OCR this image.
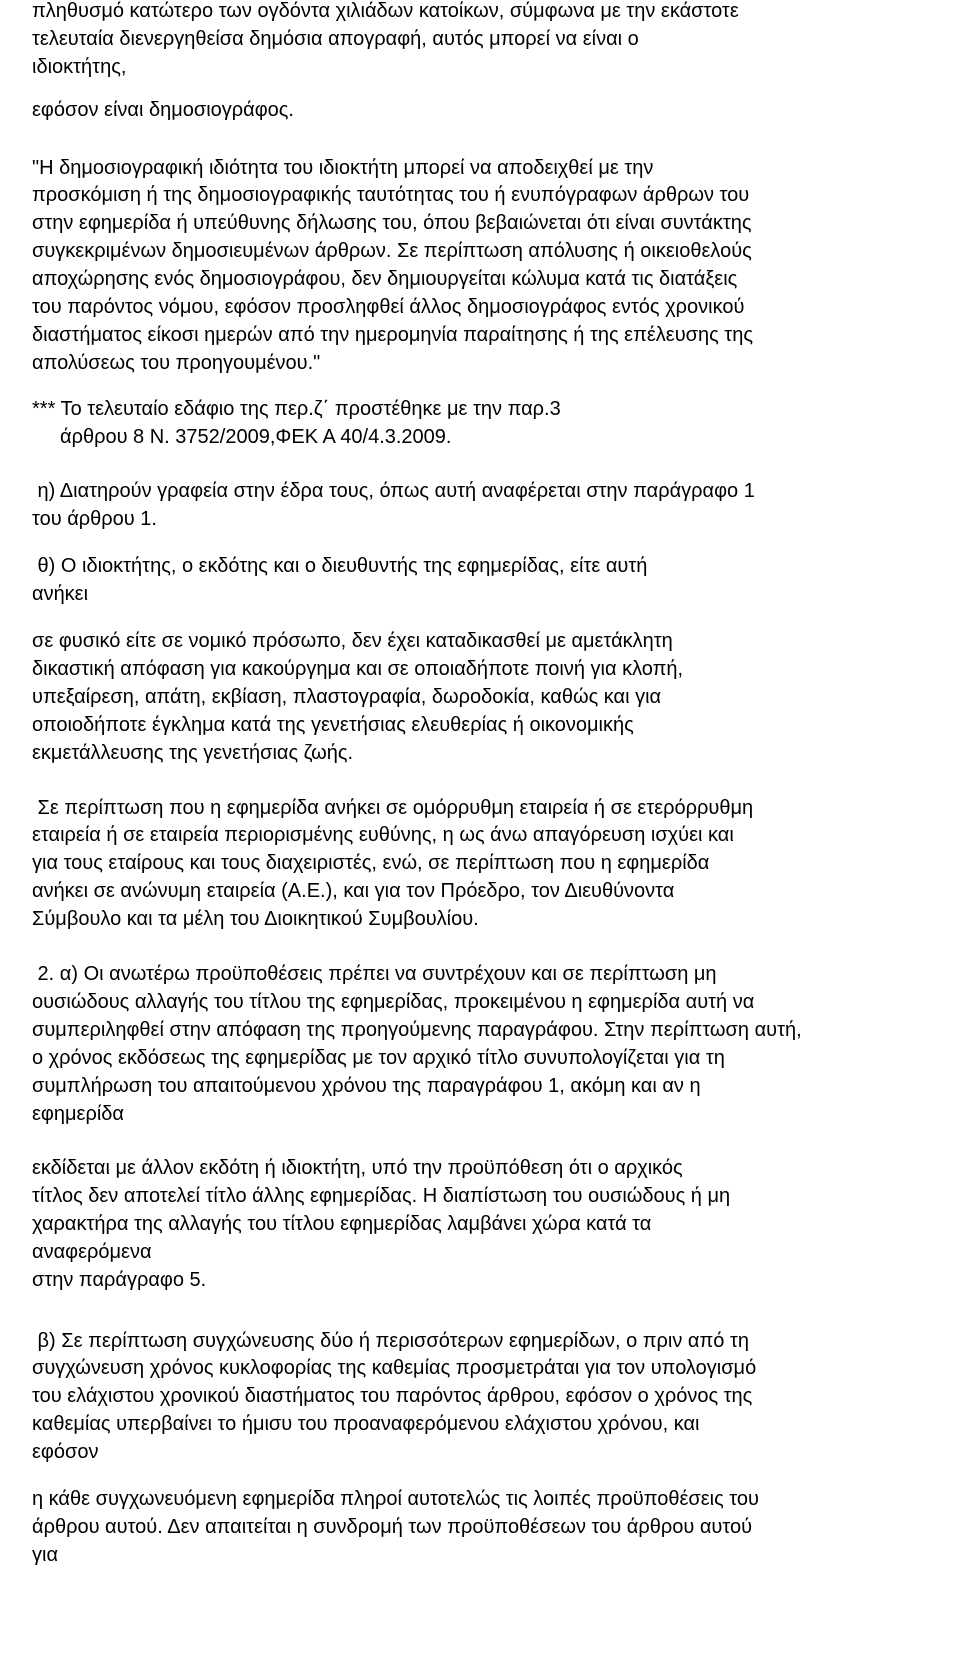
πληθυσμό κατώτερο των ογδόντα χιλιάδων κατοίκων, σύμφωνα με την εκάστοτε
τελευταία διενεργηθείσα δημόσια απογραφή, αυτός μπορεί να είναι ο
ιδιοκτήτης,
εφόσον είναι δημοσιογράφος.
"Η δημοσιογραφική ιδιότητα του ιδιοκτήτη μπορεί να αποδειχθεί με την
προσκόμιση ή της δημοσιογραφικής ταυτότητας του ή ενυπόγραφων άρθρων του
στην εφημερίδα ή υπεύθυνης δήλωσης του, όπου βεβαιώνεται ότι είναι συντάκτης
συγκεκριμένων δημοσιευμένων άρθρων. Σε περίπτωση απόλυσης ή οικειοθελούς
αποχώρησης ενός δημοσιογράφου, δεν δημιουργείται κώλυμα κατά τις διατάξεις
του παρόντος νόμου, εφόσον προσληφθεί άλλος δημοσιογράφος εντός χρονικού
διαστήματος είκοσι ημερών από την ημερομηνία παραίτησης ή της επέλευσης της
απολύσεως του προηγουμένου."
*** Το τελευταίο εδάφιο της περ.ζ΄ προστέθηκε με την παρ.3
άρθρου 8 Ν. 3752/2009,ΦΕΚ Α 40/4.3.2009.
η) Διατηρούν γραφεία στην έδρα τους, όπως αυτή αναφέρεται στην παράγραφο 1
του άρθρου 1.
θ) Ο ιδιοκτήτης, ο εκδότης και ο διευθυντής της εφημερίδας, είτε αυτή
ανήκει
σε φυσικό είτε σε νομικό πρόσωπο, δεν έχει καταδικασθεί με αμετάκλητη
δικαστική απόφαση για κακούργημα και σε οποιαδήποτε ποινή για κλοπή,
υπεξαίρεση, απάτη, εκβίαση, πλαστογραφία, δωροδοκία, καθώς και για
οποιοδήποτε έγκλημα κατά της γενετήσιας ελευθερίας ή οικονομικής
εκμετάλλευσης της γενετήσιας ζωής.
Σε περίπτωση που η εφημερίδα ανήκει σε ομόρρυθμη εταιρεία ή σε ετερόρρυθμη
εταιρεία ή σε εταιρεία περιορισμένης ευθύνης, η ως άνω απαγόρευση ισχύει και
για τους εταίρους και τους διαχειριστές, ενώ, σε περίπτωση που η εφημερίδα
ανήκει σε ανώνυμη εταιρεία (Α.Ε.), και για τον Πρόεδρο, τον Διευθύνοντα
Σύμβουλο και τα μέλη του Διοικητικού Συμβουλίου.
2. α) Οι ανωτέρω προϋποθέσεις πρέπει να συντρέχουν και σε περίπτωση μη
ουσιώδους αλλαγής του τίτλου της εφημερίδας, προκειμένου η εφημερίδα αυτή να
συμπεριληφθεί στην απόφαση της προηγούμενης παραγράφου. Στην περίπτωση αυτή,
ο χρόνος εκδόσεως της εφημερίδας με τον αρχικό τίτλο συνυπολογίζεται για τη
συμπλήρωση του απαιτούμενου χρόνου της παραγράφου 1, ακόμη και αν η
εφημερίδα
εκδίδεται με άλλον εκδότη ή ιδιοκτήτη, υπό την προϋπόθεση ότι ο αρχικός
τίτλος δεν αποτελεί τίτλο άλλης εφημερίδας. Η διαπίστωση του ουσιώδους ή μη
χαρακτήρα της αλλαγής του τίτλου εφημερίδας λαμβάνει χώρα κατά τα
αναφερόμενα
στην παράγραφο 5.
β) Σε περίπτωση συγχώνευσης δύο ή περισσότερων εφημερίδων, ο πριν από τη
συγχώνευση χρόνος κυκλοφορίας της καθεμίας προσμετράται για τον υπολογισμό
του ελάχιστου χρονικού διαστήματος του παρόντος άρθρου, εφόσον ο χρόνος της
καθεμίας υπερβαίνει το ήμισυ του προαναφερόμενου ελάχιστου χρόνου, και
εφόσον
η κάθε συγχωνευόμενη εφημερίδα πληροί αυτοτελώς τις λοιπές προϋποθέσεις του
άρθρου αυτού. Δεν απαιτείται η συνδρομή των προϋποθέσεων του άρθρου αυτού
για
